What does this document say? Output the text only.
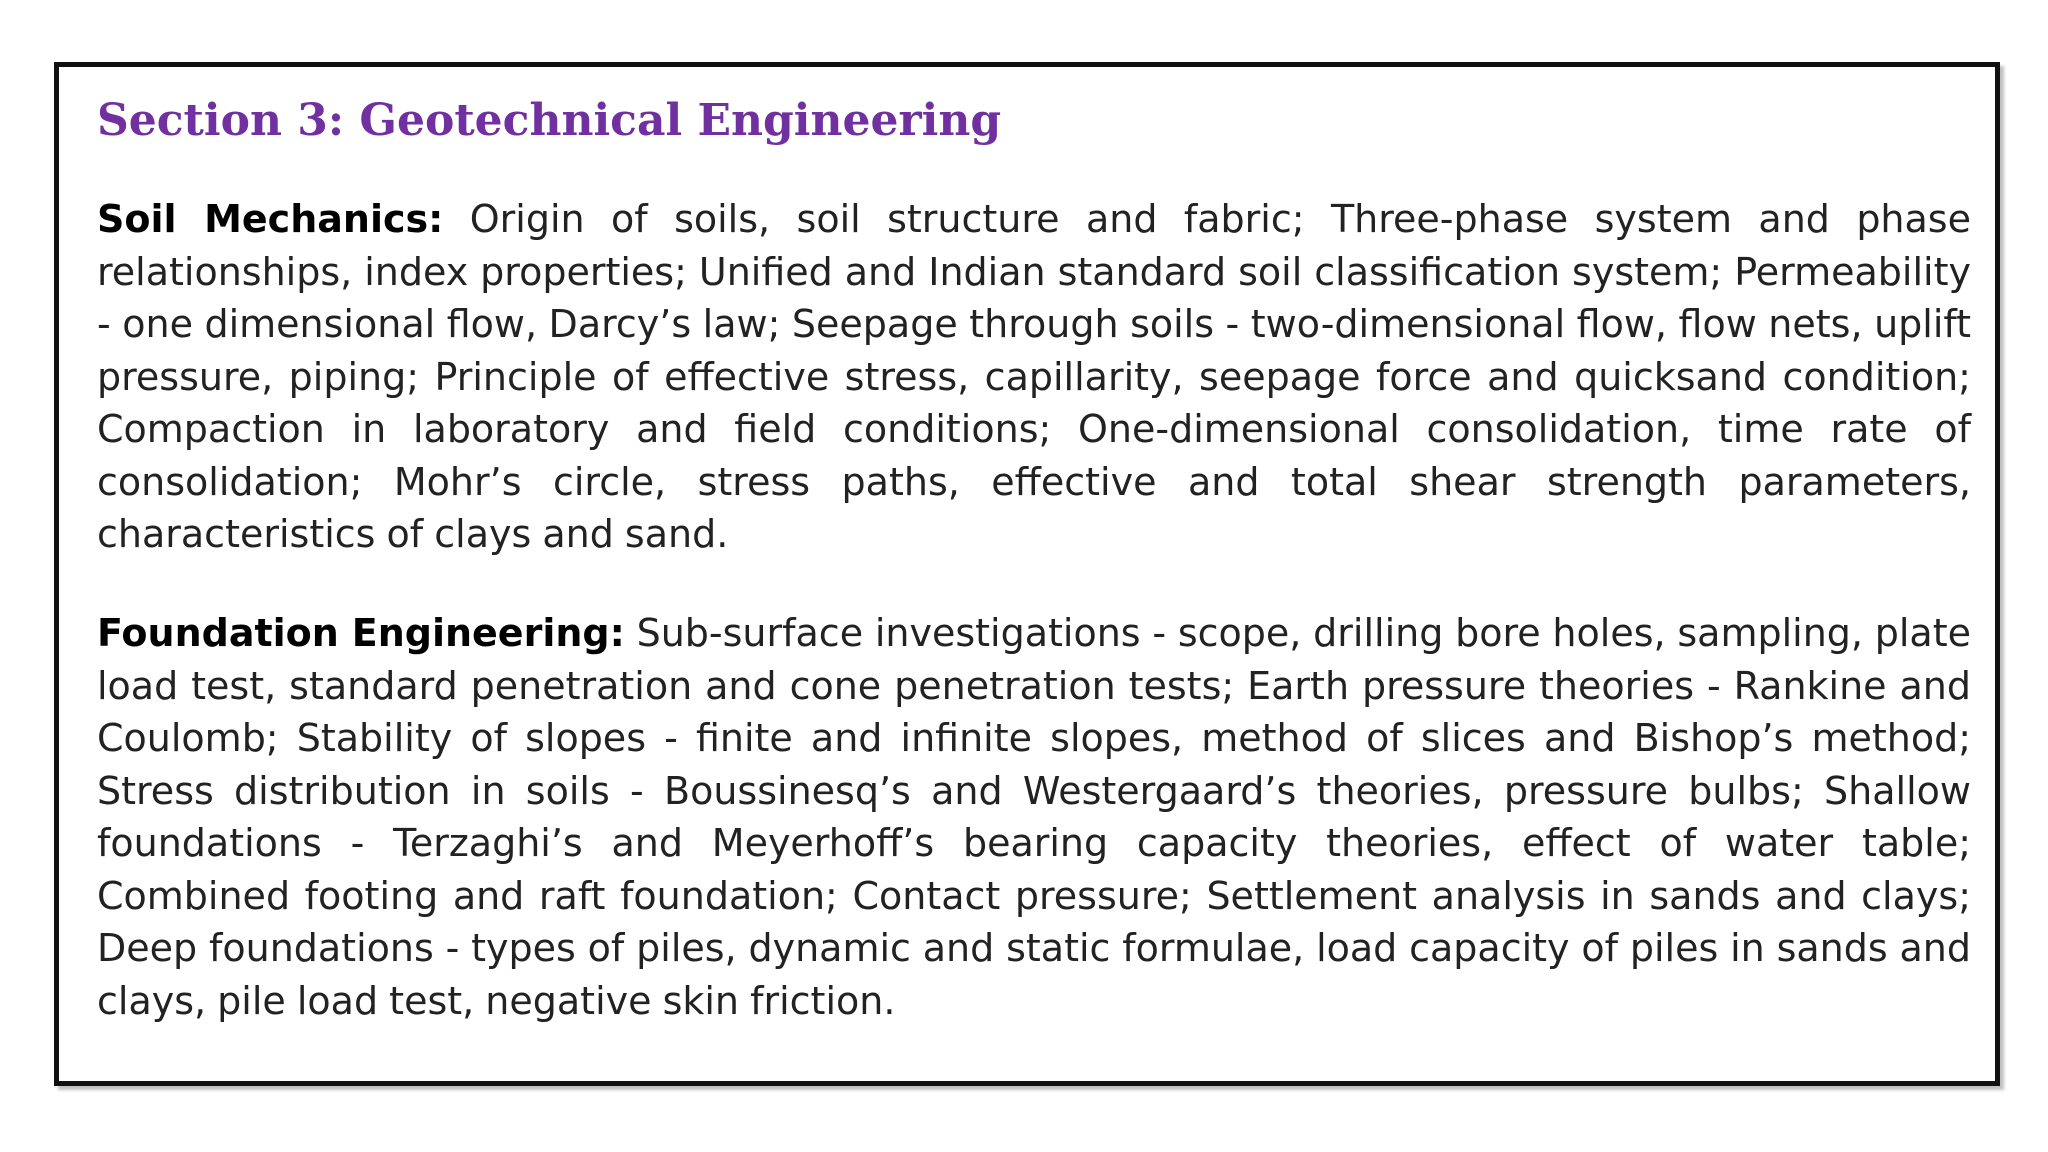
Section 3: Geotechnical Engineering

Soil Mechanics: Origin of soils, soil structure and fabric; Three-phase system and phase relationships, index properties; Unified and Indian standard soil classification system; Permeability - one dimensional flow, Darcy’s law; Seepage through soils - two-dimensional flow, flow nets, uplift pressure, piping; Principle of effective stress, capillarity, seepage force and quicksand condition; Compaction in laboratory and field conditions; One-dimensional consolidation, time rate of consolidation; Mohr’s circle, stress paths, effective and total shear strength parameters, characteristics of clays and sand.

Foundation Engineering: Sub-surface investigations - scope, drilling bore holes, sampling, plate load test, standard penetration and cone penetration tests; Earth pressure theories - Rankine and Coulomb; Stability of slopes - finite and infinite slopes, method of slices and Bishop’s method; Stress distribution in soils - Boussinesq’s and Westergaard’s theories, pressure bulbs; Shallow foundations - Terzaghi’s and Meyerhoff’s bearing capacity theories, effect of water table; Combined footing and raft foundation; Contact pressure; Settlement analysis in sands and clays; Deep foundations - types of piles, dynamic and static formulae, load capacity of piles in sands and clays, pile load test, negative skin friction.
